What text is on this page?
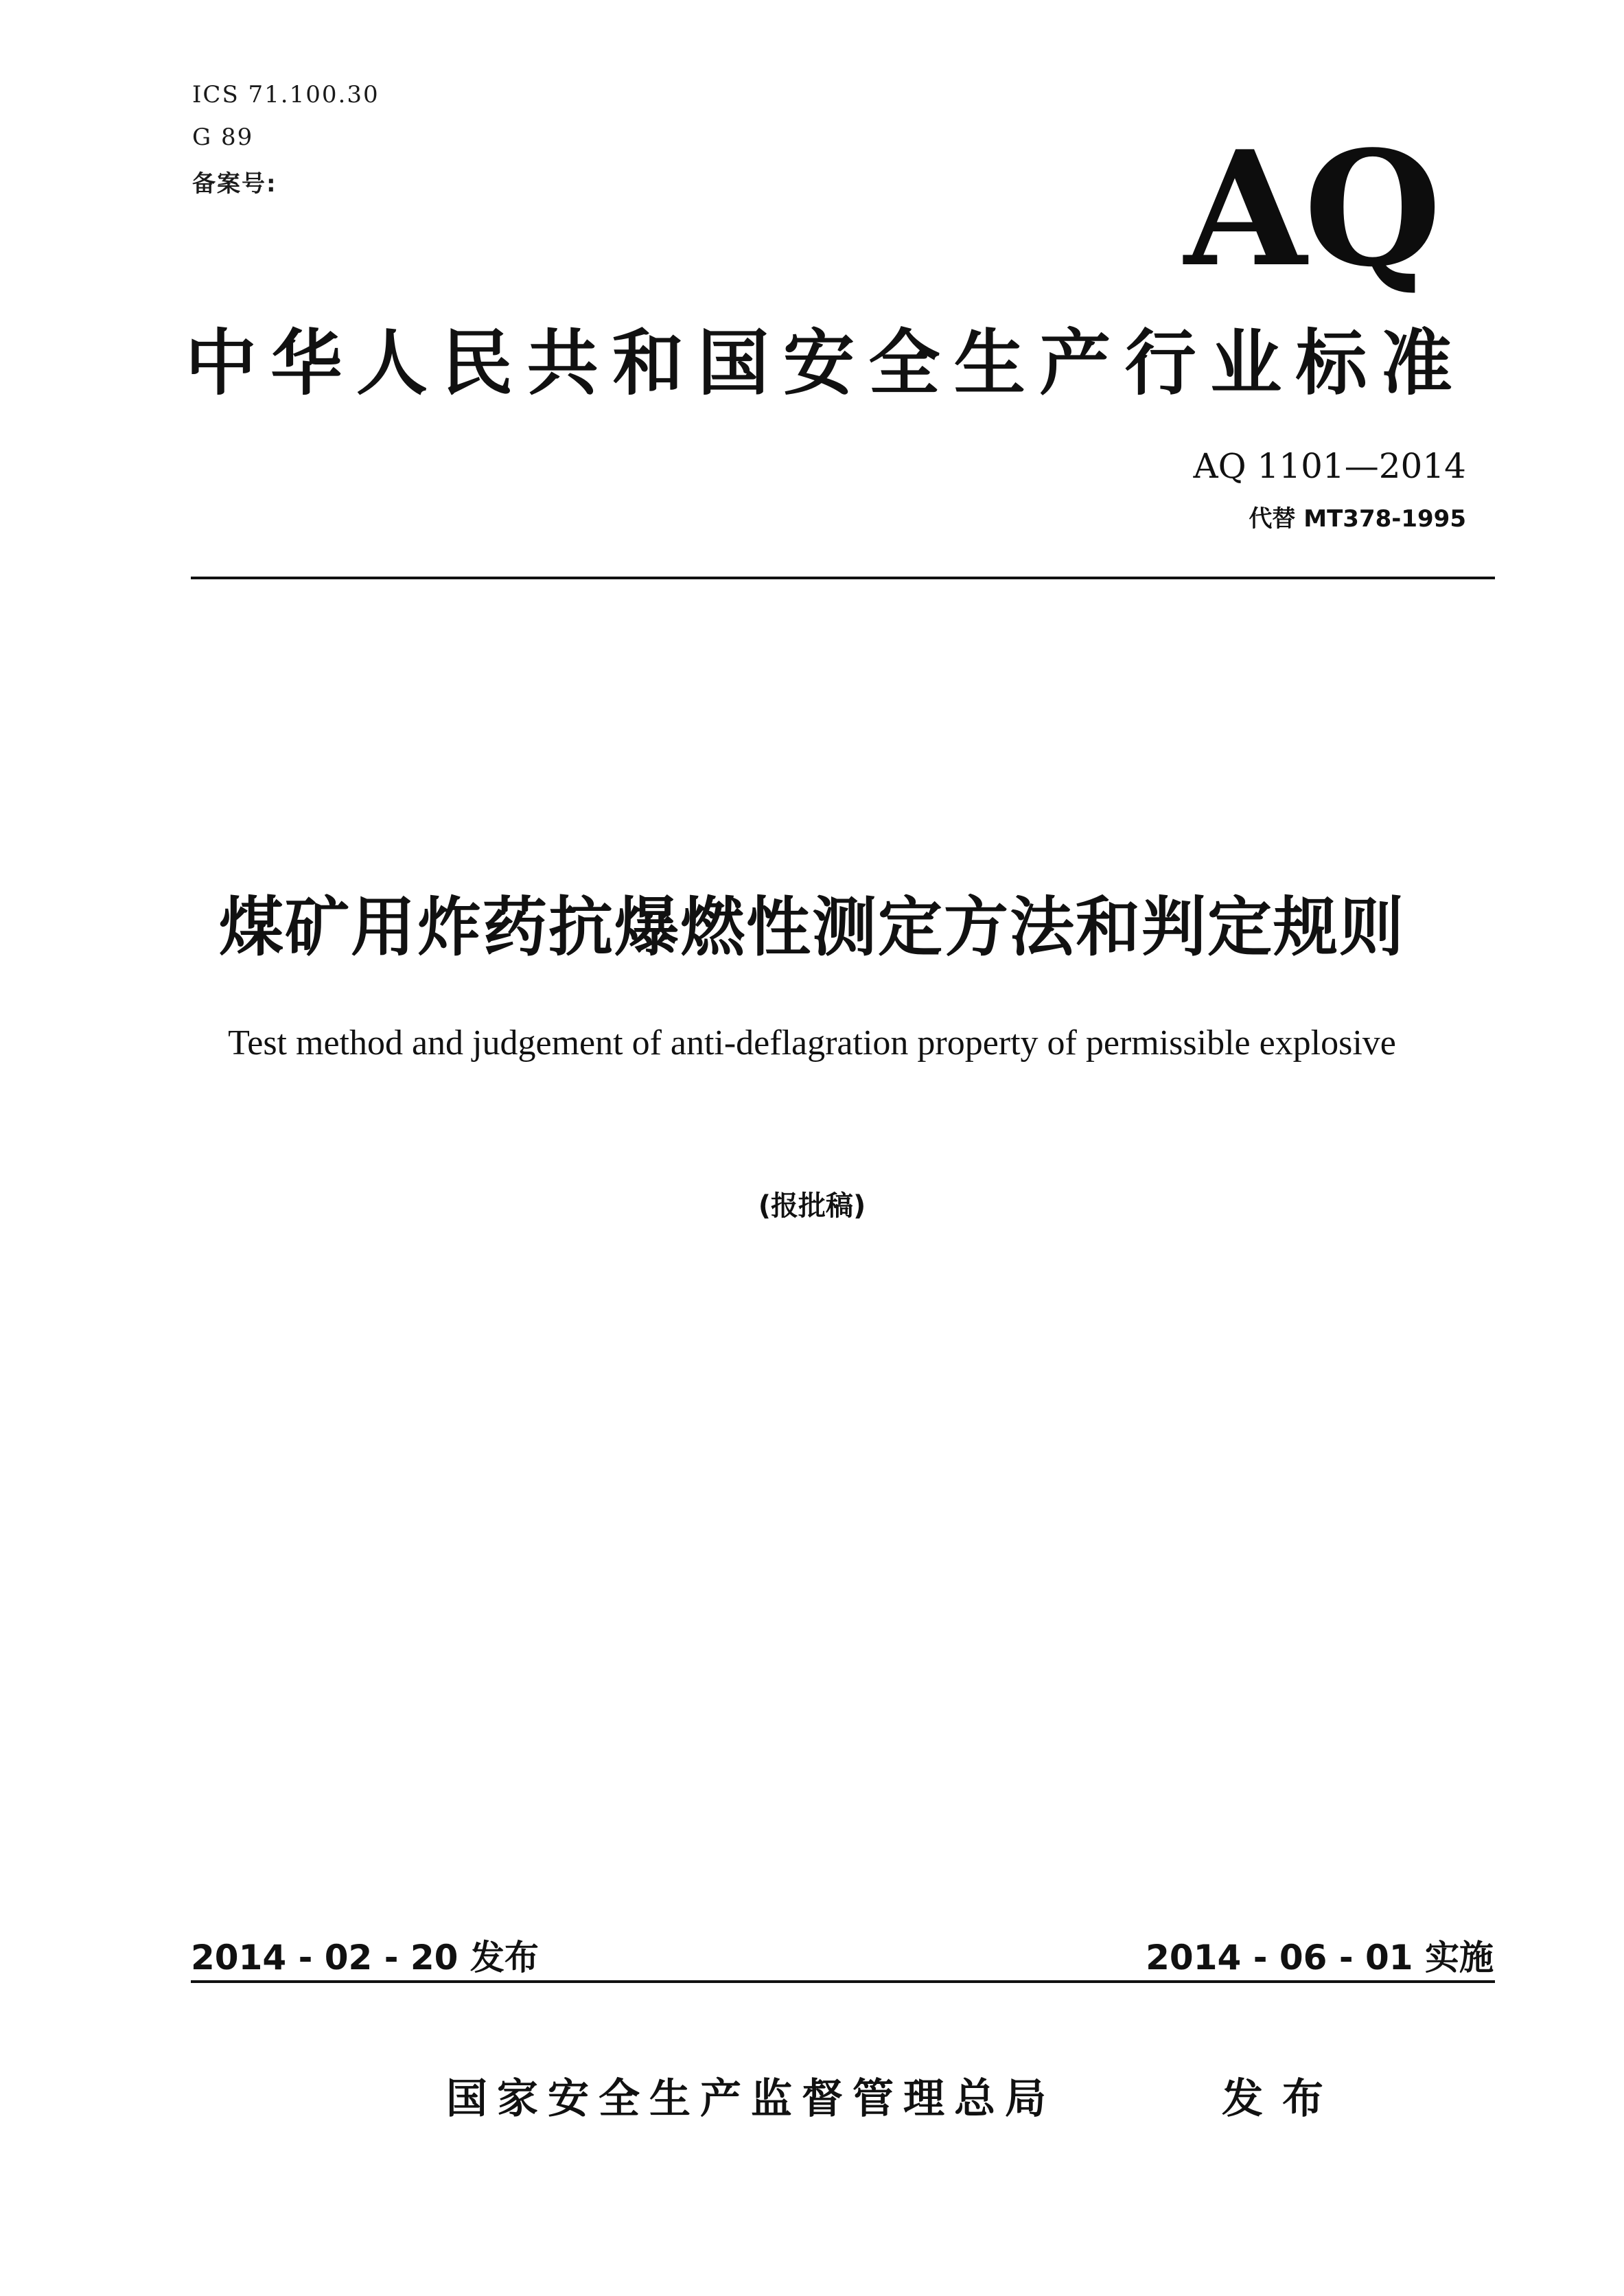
ICS 71.100.30
G 89
备案号:	AQ
中 华 人 民 共 和 国 安 全 生 产 行 业 标 准
AQ 1101—2014
代替 MT378-1995
煤矿用炸药抗爆燃性测定方法和判定规则
Test method and judgement of anti-deflagration property of permissible explosive
(报批稿)
2014 - 02 - 20 发布	2014 - 06 - 01 实施
国家安全生产监督管理总局	发布
